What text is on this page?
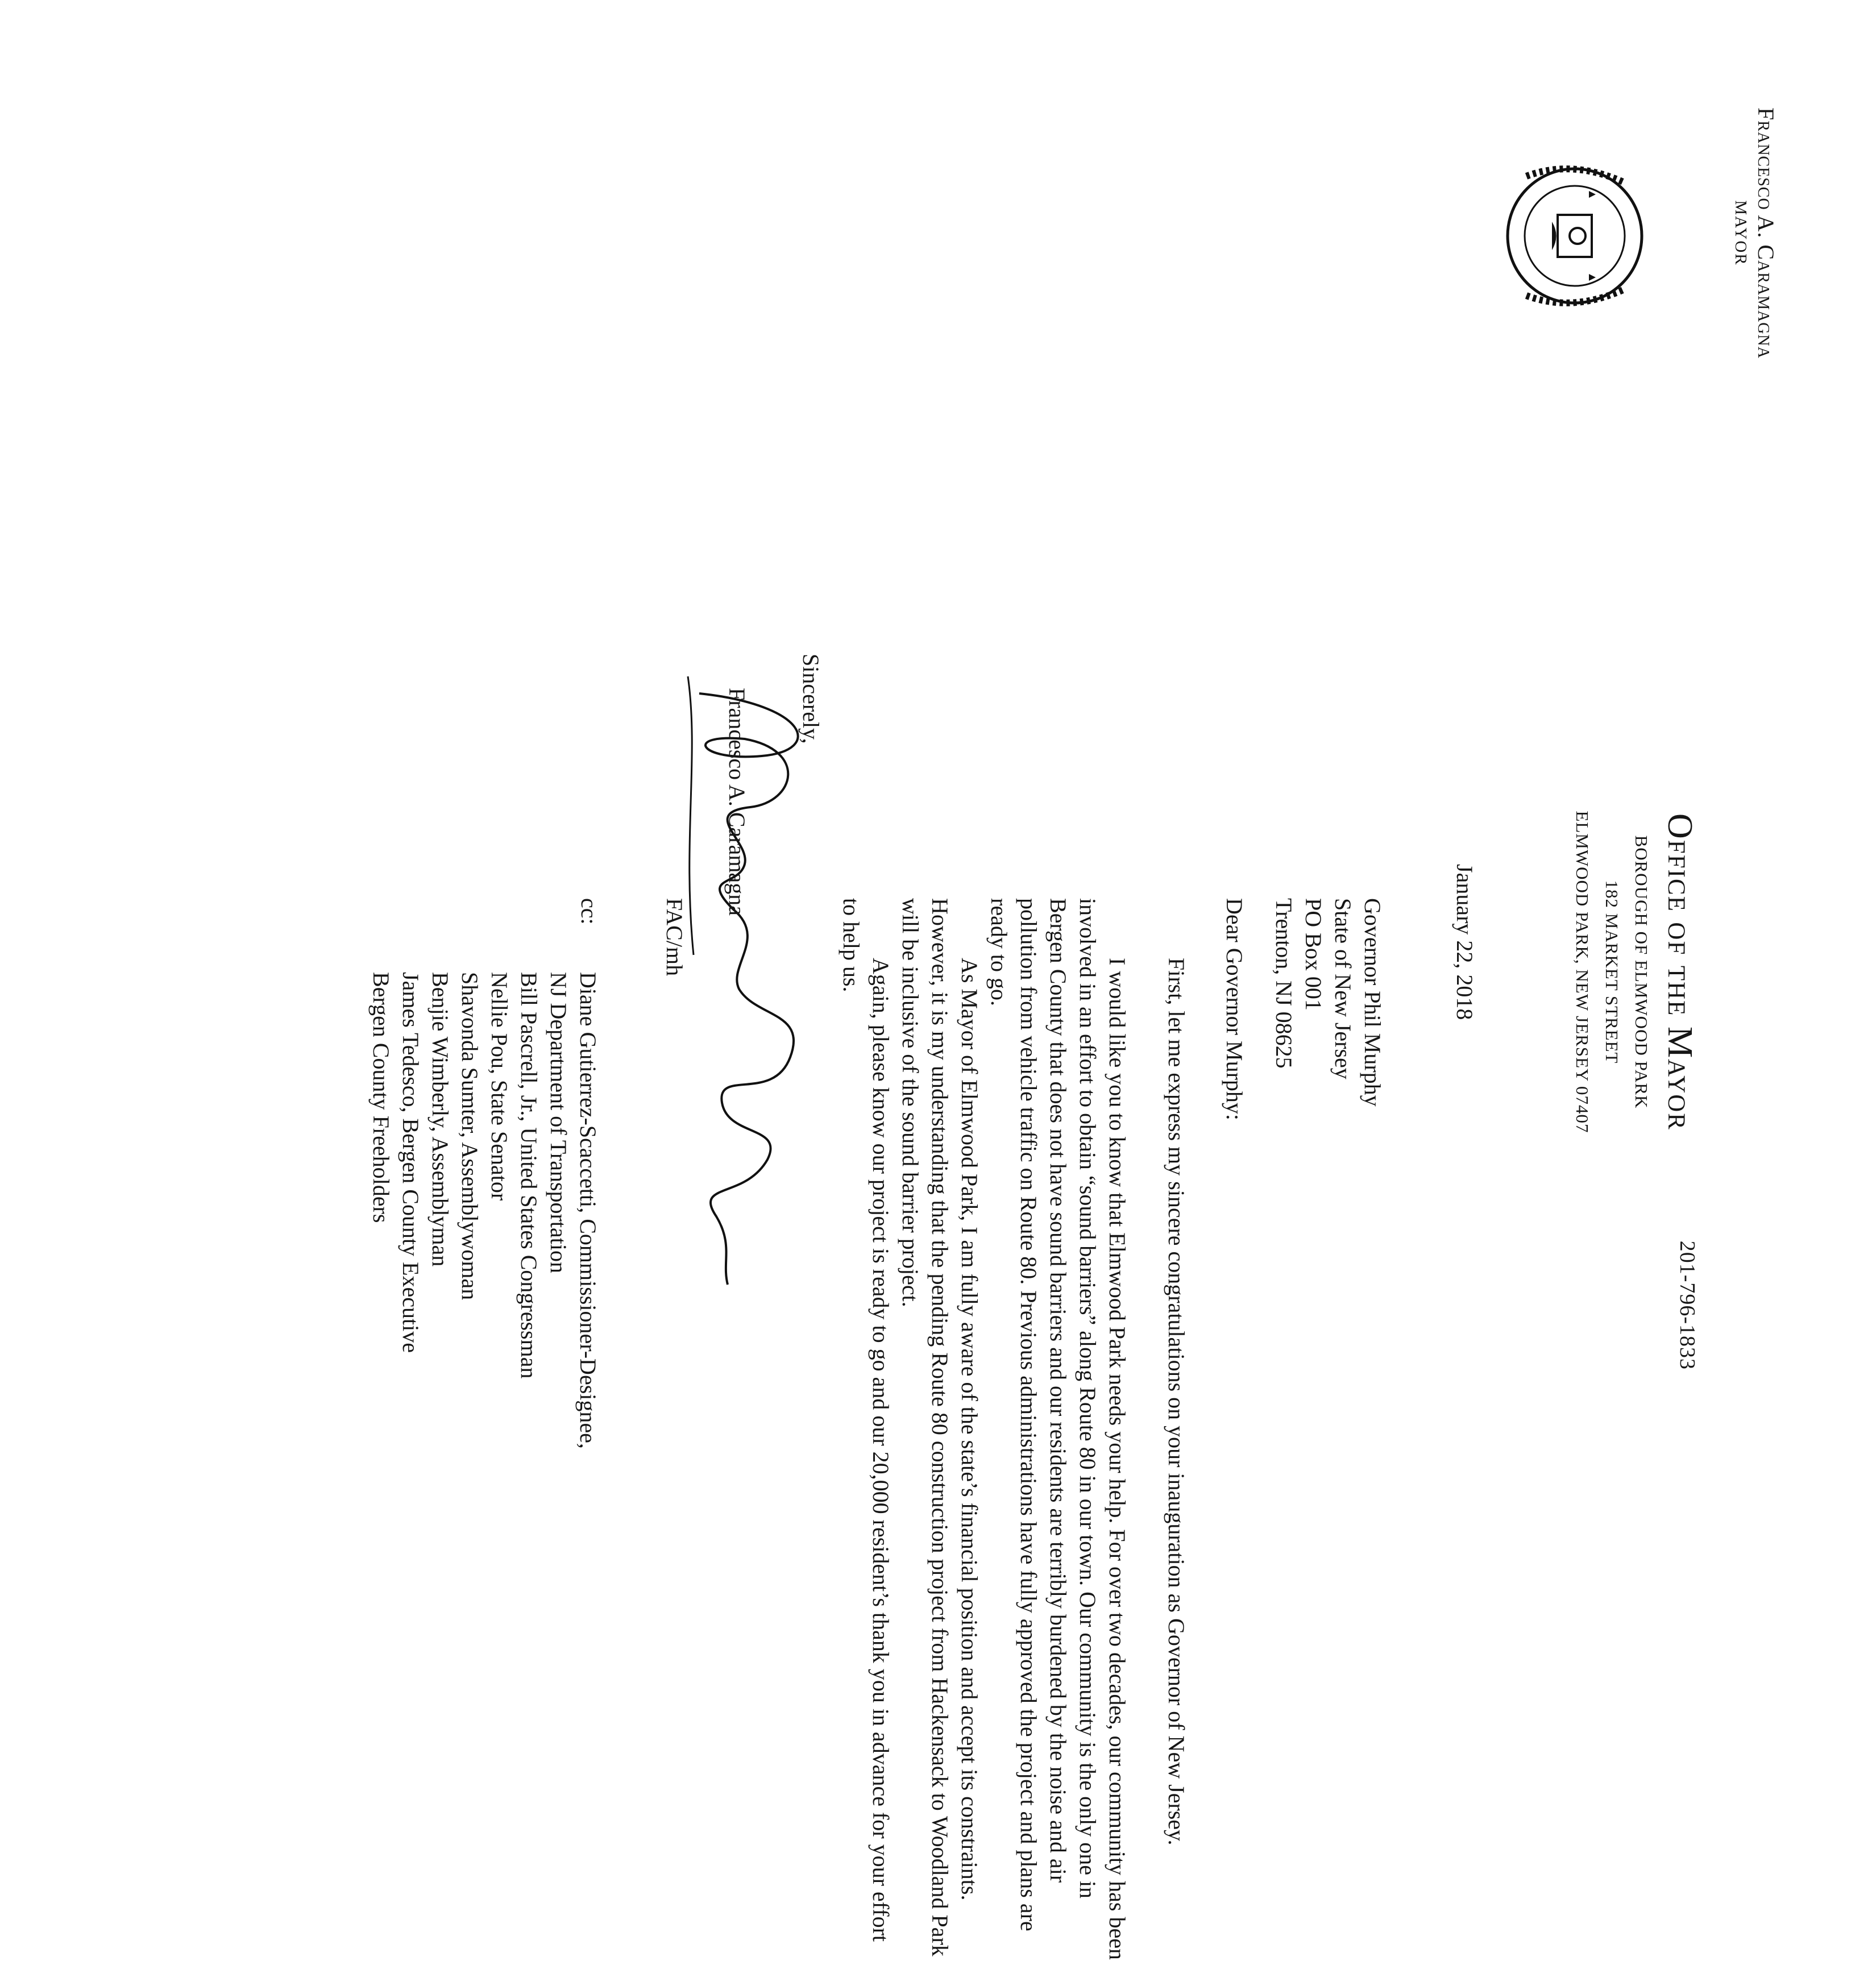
Francesco A. Caramagna
MAYOR
Office of the Mayor
BOROUGH OF ELMWOOD PARK
182 MARKET STREET
ELMWOOD PARK, NEW JERSEY 07407
201-796-1833
January 22, 2018
Governor Phil Murphy
State of New Jersey
PO Box 001
Trenton, NJ 08625
Dear Governor Murphy:
First, let me express my sincere congratulations on your inauguration as Governor of New Jersey.
I would like you to know that Elmwood Park needs your help. For over two decades, our community has been involved in an effort to obtain “sound barriers” along Route 80 in our town. Our community is the only one in Bergen County that does not have sound barriers and our residents are terribly burdened by the noise and air pollution from vehicle traffic on Route 80. Previous administrations have fully approved the project and plans are ready to go.
As Mayor of Elmwood Park, I am fully aware of the state’s financial position and accept its constraints. However, it is my understanding that the pending Route 80 construction project from Hackensack to Woodland Park will be inclusive of the sound barrier project.
Again, please know our project is ready to go and our 20,000 resident’s thank you in advance for your effort to help us.
Sincerely,
Francesco A. Caramagna
FAC/mh
cc:
Diane Gutierrez-Scaccetti, Commissioner-Designee, NJ Department of Transportation
Bill Pascrell, Jr., United States Congressman
Nellie Pou, State Senator
Shavonda Sumter, Assemblywoman
Benjie Wimberly, Assemblyman
James Tedesco, Bergen County Executive
Bergen County Freeholders
